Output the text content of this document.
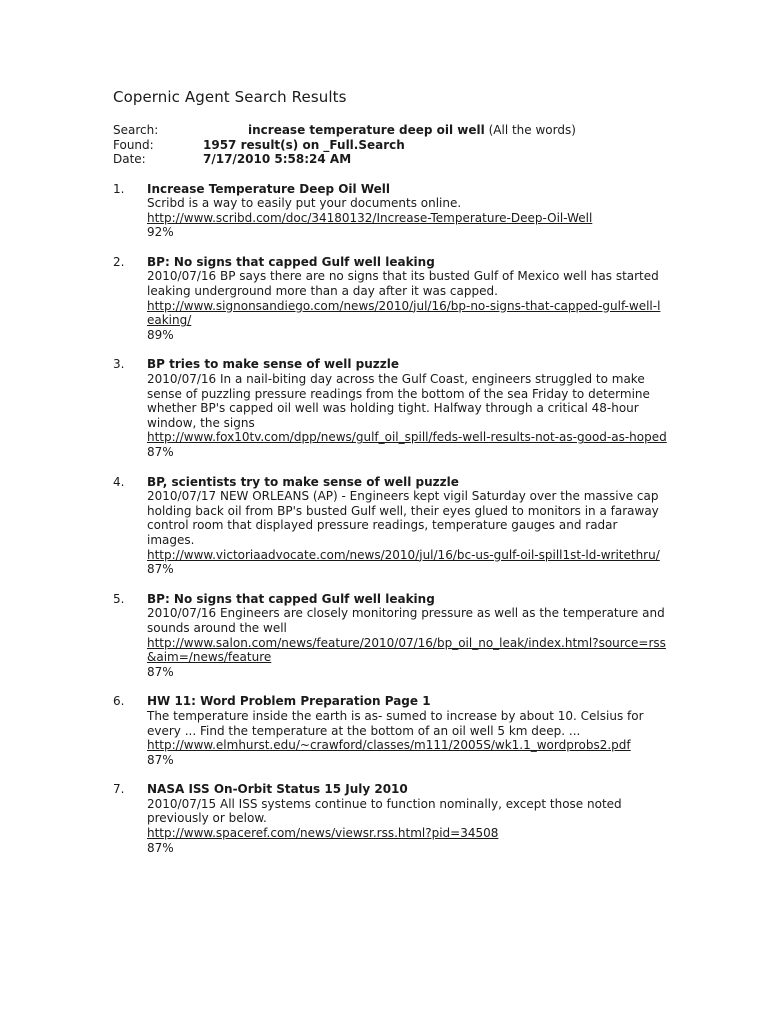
Copernic Agent Search Results
Search:	increase temperature deep oil well
(All the words)
Found:	1957 result(s) on _Full.Search
Date:	7/17/2010 5:58:24 AM
1.	Increase Temperature Deep Oil Well
Scribd is a way to easily put your documents online.
http://www.scribd.com/doc/34180132/Increase-Temperature-Deep-Oil-Well
92%
2.	BP: No signs that capped Gulf well leaking
2010/07/16 BP says there are no signs that its busted Gulf of Mexico well has started leaking underground more than a day after it was capped.
http://www.signonsandiego.com/news/2010/jul/16/bp-no-signs-that-capped-gulf-well-leaking/
89%
3.	BP tries to make sense of well puzzle
2010/07/16 In a nail-biting day across the Gulf Coast, engineers struggled to make sense of puzzling pressure readings from the bottom of the sea Friday to determine whether BP's capped oil well was holding tight. Halfway through a critical 48-hour window, the signs
http://www.fox10tv.com/dpp/news/gulf_oil_spill/feds-well-results-not-as-good-as-hoped
87%
4.	BP, scientists try to make sense of well puzzle
2010/07/17 NEW ORLEANS (AP) - Engineers kept vigil Saturday over the massive cap holding back oil from BP's busted Gulf well, their eyes glued to monitors in a faraway control room that displayed pressure readings, temperature gauges and radar images.
http://www.victoriaadvocate.com/news/2010/jul/16/bc-us-gulf-oil-spill1st-ld-writethru/
87%
5.	BP: No signs that capped Gulf well leaking
2010/07/16 Engineers are closely monitoring pressure as well as the temperature and sounds around the well
http://www.salon.com/news/feature/2010/07/16/bp_oil_no_leak/index.html?source=rss&aim=/news/feature
87%
6.	HW 11: Word Problem Preparation Page 1
The temperature inside the earth is as- sumed to increase by about 10. Celsius for every ... Find the temperature at the bottom of an oil well 5 km deep. ...
http://www.elmhurst.edu/~crawford/classes/m111/2005S/wk1.1_wordprobs2.pdf
87%
7.	NASA ISS On-Orbit Status 15 July 2010
2010/07/15 All ISS systems continue to function nominally, except those noted previously or below.
http://www.spaceref.com/news/viewsr.rss.html?pid=34508
87%
